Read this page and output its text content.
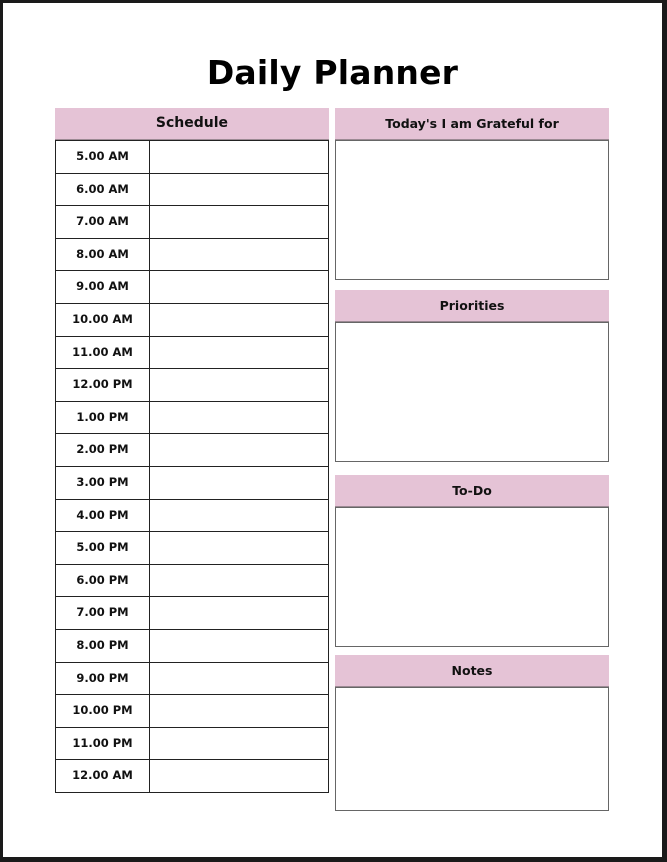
Daily Planner
Schedule
5.00 AM
6.00 AM
7.00 AM
8.00 AM
9.00 AM
10.00 AM
11.00 AM
12.00 PM
1.00 PM
2.00 PM
3.00 PM
4.00 PM
5.00 PM
6.00 PM
7.00 PM
8.00 PM
9.00 PM
10.00 PM
11.00 PM
12.00 AM
Today's I am Grateful for
Priorities
To-Do
Notes
